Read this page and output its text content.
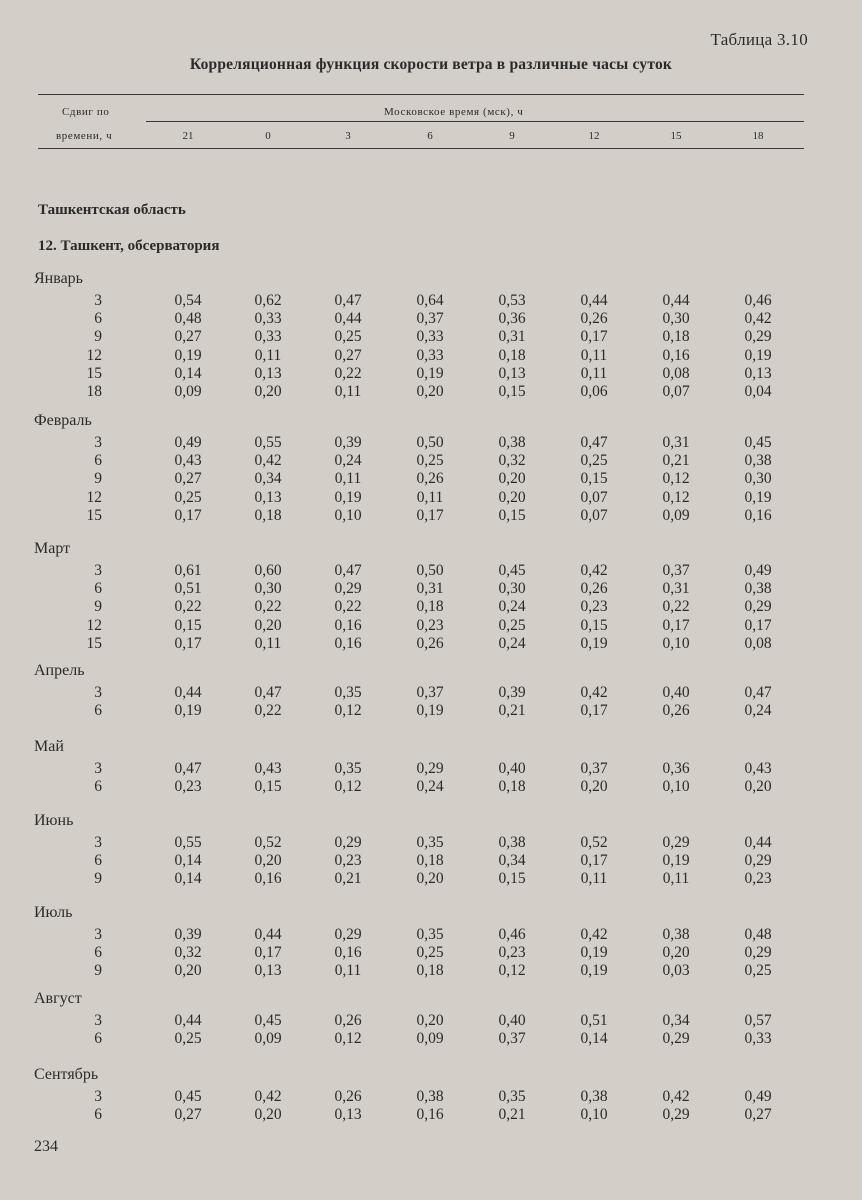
Таблица 3.10
Корреляционная функция скорости ветра в различные часы суток
Сдвиг по	Московское время (мск), ч
времени, ч	21	0	3	6	9	12	15	18
Ташкентская область
12. Ташкент, обсерватория
Январь
3	0,54	0,62	0,47	0,64	0,53	0,44	0,44	0,46
6	0,48	0,33	0,44	0,37	0,36	0,26	0,30	0,42
9	0,27	0,33	0,25	0,33	0,31	0,17	0,18	0,29
12	0,19	0,11	0,27	0,33	0,18	0,11	0,16	0,19
15	0,14	0,13	0,22	0,19	0,13	0,11	0,08	0,13
18	0,09	0,20	0,11	0,20	0,15	0,06	0,07	0,04
Февраль
3	0,49	0,55	0,39	0,50	0,38	0,47	0,31	0,45
6	0,43	0,42	0,24	0,25	0,32	0,25	0,21	0,38
9	0,27	0,34	0,11	0,26	0,20	0,15	0,12	0,30
12	0,25	0,13	0,19	0,11	0,20	0,07	0,12	0,19
15	0,17	0,18	0,10	0,17	0,15	0,07	0,09	0,16
Март
3	0,61	0,60	0,47	0,50	0,45	0,42	0,37	0,49
6	0,51	0,30	0,29	0,31	0,30	0,26	0,31	0,38
9	0,22	0,22	0,22	0,18	0,24	0,23	0,22	0,29
12	0,15	0,20	0,16	0,23	0,25	0,15	0,17	0,17
15	0,17	0,11	0,16	0,26	0,24	0,19	0,10	0,08
Апрель
3	0,44	0,47	0,35	0,37	0,39	0,42	0,40	0,47
6	0,19	0,22	0,12	0,19	0,21	0,17	0,26	0,24
Май
3	0,47	0,43	0,35	0,29	0,40	0,37	0,36	0,43
6	0,23	0,15	0,12	0,24	0,18	0,20	0,10	0,20
Июнь
3	0,55	0,52	0,29	0,35	0,38	0,52	0,29	0,44
6	0,14	0,20	0,23	0,18	0,34	0,17	0,19	0,29
9	0,14	0,16	0,21	0,20	0,15	0,11	0,11	0,23
Июль
3	0,39	0,44	0,29	0,35	0,46	0,42	0,38	0,48
6	0,32	0,17	0,16	0,25	0,23	0,19	0,20	0,29
9	0,20	0,13	0,11	0,18	0,12	0,19	0,03	0,25
Август
3	0,44	0,45	0,26	0,20	0,40	0,51	0,34	0,57
6	0,25	0,09	0,12	0,09	0,37	0,14	0,29	0,33
Сентябрь
3	0,45	0,42	0,26	0,38	0,35	0,38	0,42	0,49
6	0,27	0,20	0,13	0,16	0,21	0,10	0,29	0,27
234
